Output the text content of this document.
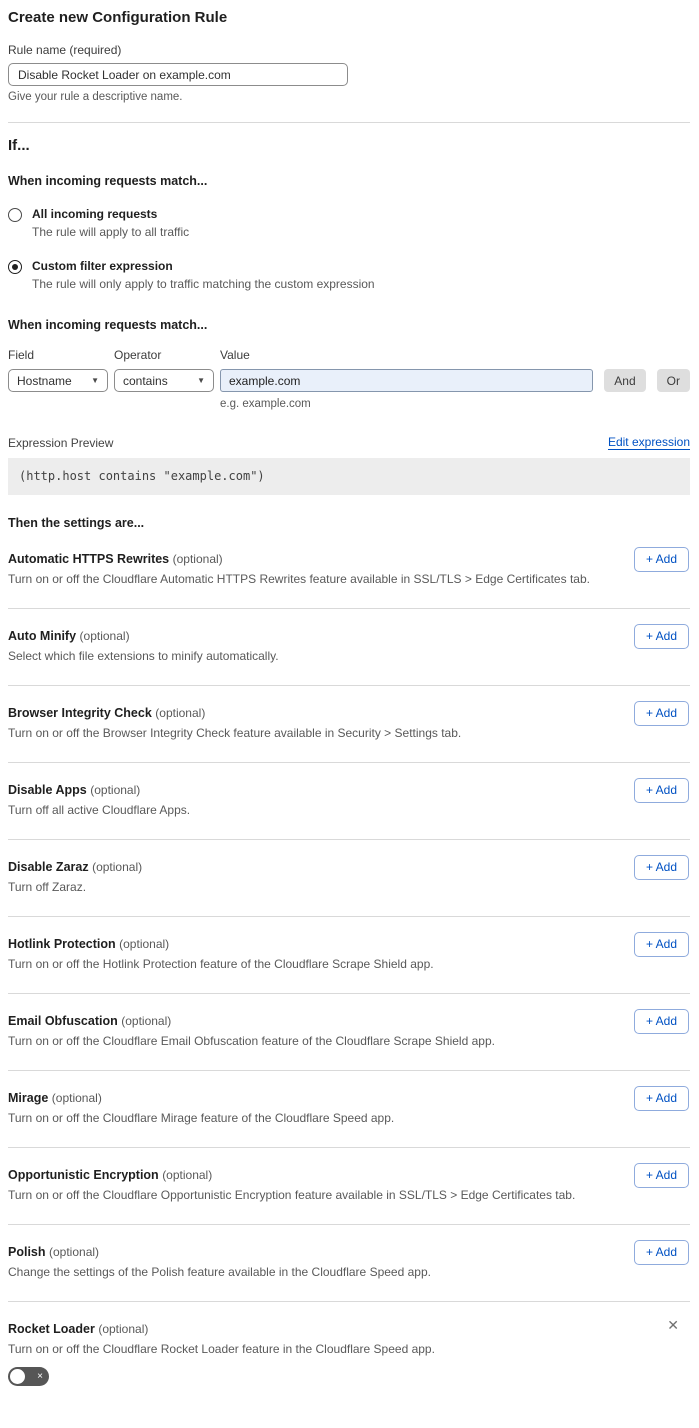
Create new Configuration Rule
Rule name (required)
Disable Rocket Loader on example.com
Give your rule a descriptive name.
If...
When incoming requests match...
All incoming requests
The rule will apply to all traffic
Custom filter expression
The rule will only apply to traffic matching the custom expression
When incoming requests match...
Field
Hostname ▼
Operator
contains	▼
Value
example.com
And	Or
e.g. example.com
Expression Preview	Edit expression
(http.host contains "example.com")
Then the settings are...
Automatic HTTPS Rewrites (optional)
Turn on or off the Cloudflare Automatic HTTPS Rewrites feature available in SSL/TLS > Edge Certificates tab.
+ Add
Auto Minify (optional)
Select which file extensions to minify automatically.
+ Add
Browser Integrity Check (optional)
Turn on or off the Browser Integrity Check feature available in Security > Settings tab.
+ Add
Disable Apps (optional)
Turn off all active Cloudflare Apps.
+ Add
Disable Zaraz (optional)
Turn off Zaraz.
+ Add
Hotlink Protection (optional)
Turn on or off the Hotlink Protection feature of the Cloudflare Scrape Shield app.
+ Add
Email Obfuscation (optional)
Turn on or off the Cloudflare Email Obfuscation feature of the Cloudflare Scrape Shield app.
+ Add
Mirage (optional)
Turn on or off the Cloudflare Mirage feature of the Cloudflare Speed app.
+ Add
Opportunistic Encryption (optional)
Turn on or off the Cloudflare Opportunistic Encryption feature available in SSL/TLS > Edge Certificates tab.
+ Add
Polish (optional)
Change the settings of the Polish feature available in the Cloudflare Speed app.
+ Add
Rocket Loader (optional)
Turn on or off the Cloudflare Rocket Loader feature in the Cloudflare Speed app.
✕
×
